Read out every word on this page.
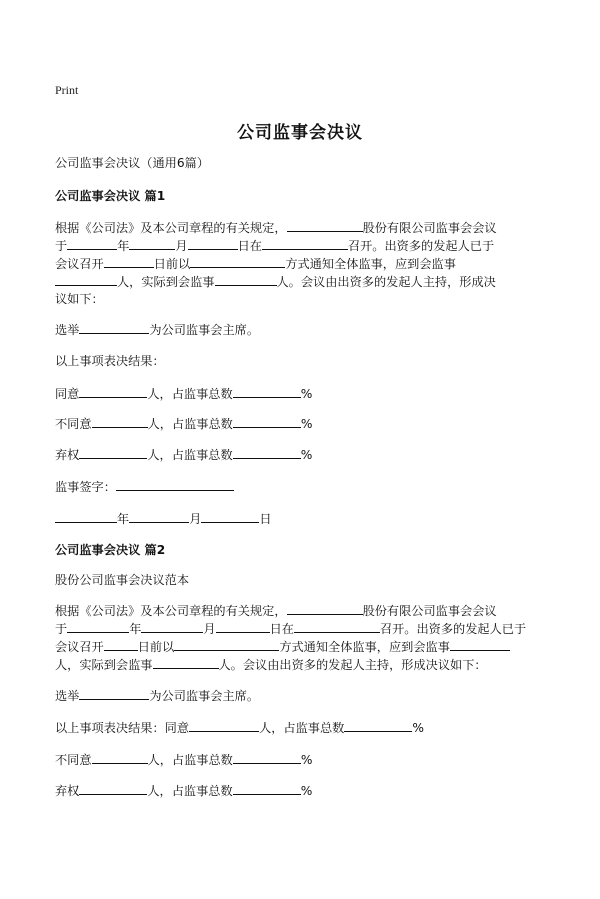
Print
公司监事会决议
公司监事会决议（通用6篇）
公司监事会决议 篇1
根据《公司法》及本公司章程的有关规定，	股份有限公司监事会会议
于	年	月	日在	召开。出资多的发起人已于
会议召开	日前以	方式通知全体监事，应到会监事
人，实际到会监事	人。会议由出资多的发起人主持，形成决
议如下：
选举	为公司监事会主席。
以上事项表决结果：
同意	人，占监事总数	%
不同意	人，占监事总数	%
弃权	人，占监事总数	%
监事签字：
年	月	日
公司监事会决议 篇2
股份公司监事会决议范本
根据《公司法》及本公司章程的有关规定，	股份有限公司监事会会议
于	年	月	日在	召开。出资多的发起人已于
会议召开	日前以	方式通知全体监事，应到会监事
人，实际到会监事	人。会议由出资多的发起人主持，形成决议如下：
选举	为公司监事会主席。
以上事项表决结果：同意	人，占监事总数	%
不同意	人，占监事总数	%
弃权	人，占监事总数	%
